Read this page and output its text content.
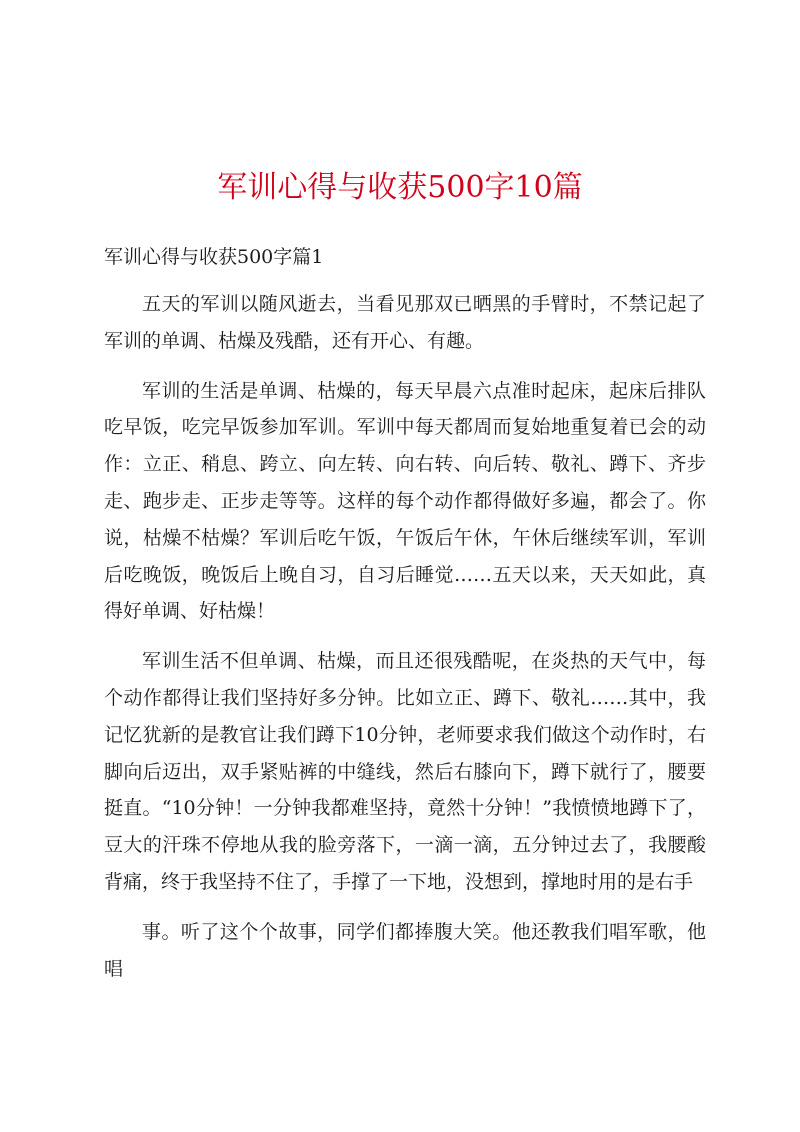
军训心得与收获500字10篇

军训心得与收获500字篇1

五天的军训以随风逝去，当看见那双已晒黑的手臂时，不禁记起了军训的单调、枯燥及残酷，还有开心、有趣。

军训的生活是单调、枯燥的，每天早晨六点准时起床，起床后排队吃早饭，吃完早饭参加军训。军训中每天都周而复始地重复着已会的动作：立正、稍息、跨立、向左转、向右转、向后转、敬礼、蹲下、齐步走、跑步走、正步走等等。这样的每个动作都得做好多遍，都会了。你说，枯燥不枯燥？军训后吃午饭，午饭后午休，午休后继续军训，军训后吃晚饭，晚饭后上晚自习，自习后睡觉……五天以来，天天如此，真得好单调、好枯燥！

军训生活不但单调、枯燥，而且还很残酷呢，在炎热的天气中，每个动作都得让我们坚持好多分钟。比如立正、蹲下、敬礼……其中，我记忆犹新的是教官让我们蹲下10分钟，老师要求我们做这个动作时，右脚向后迈出，双手紧贴裤的中缝线，然后右膝向下，蹲下就行了，腰要挺直。“10分钟！一分钟我都难坚持，竟然十分钟！”我愤愤地蹲下了，豆大的汗珠不停地从我的脸旁落下，一滴一滴，五分钟过去了，我腰酸背痛，终于我坚持不住了，手撑了一下地，没想到，撑地时用的是右手

事。听了这个个故事，同学们都捧腹大笑。他还教我们唱军歌，他唱
